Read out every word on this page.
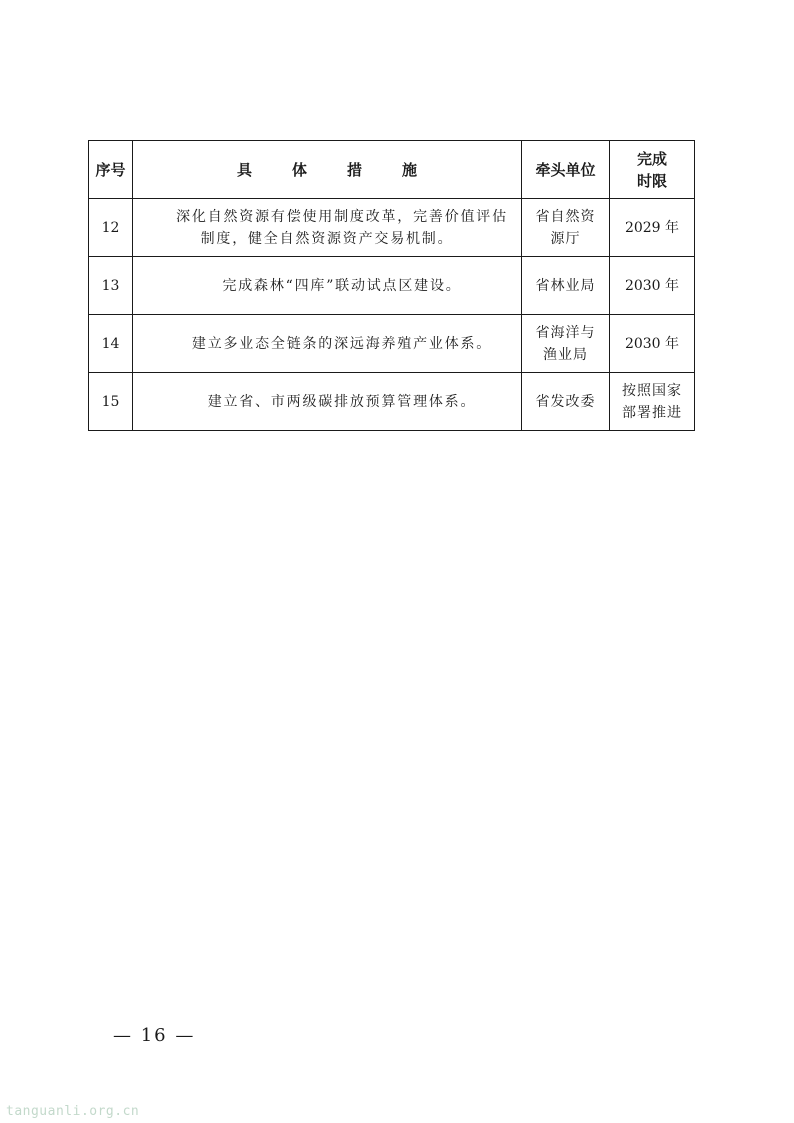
序号	具体措施	牵头单位	完成
时限

12	深化自然资源有偿使用制度改革，完善价值评估
制度，健全自然资源资产交易机制。	省自然资源厅	2029 年
13	完成森林“四库”联动试点区建设。	省林业局	2030 年
14	建立多业态全链条的深远海养殖产业体系。	省海洋与渔业局	2030 年
15	建立省、市两级碳排放预算管理体系。	省发改委	按照国家部署推进
— 16 —
tanguanli.org.cn
